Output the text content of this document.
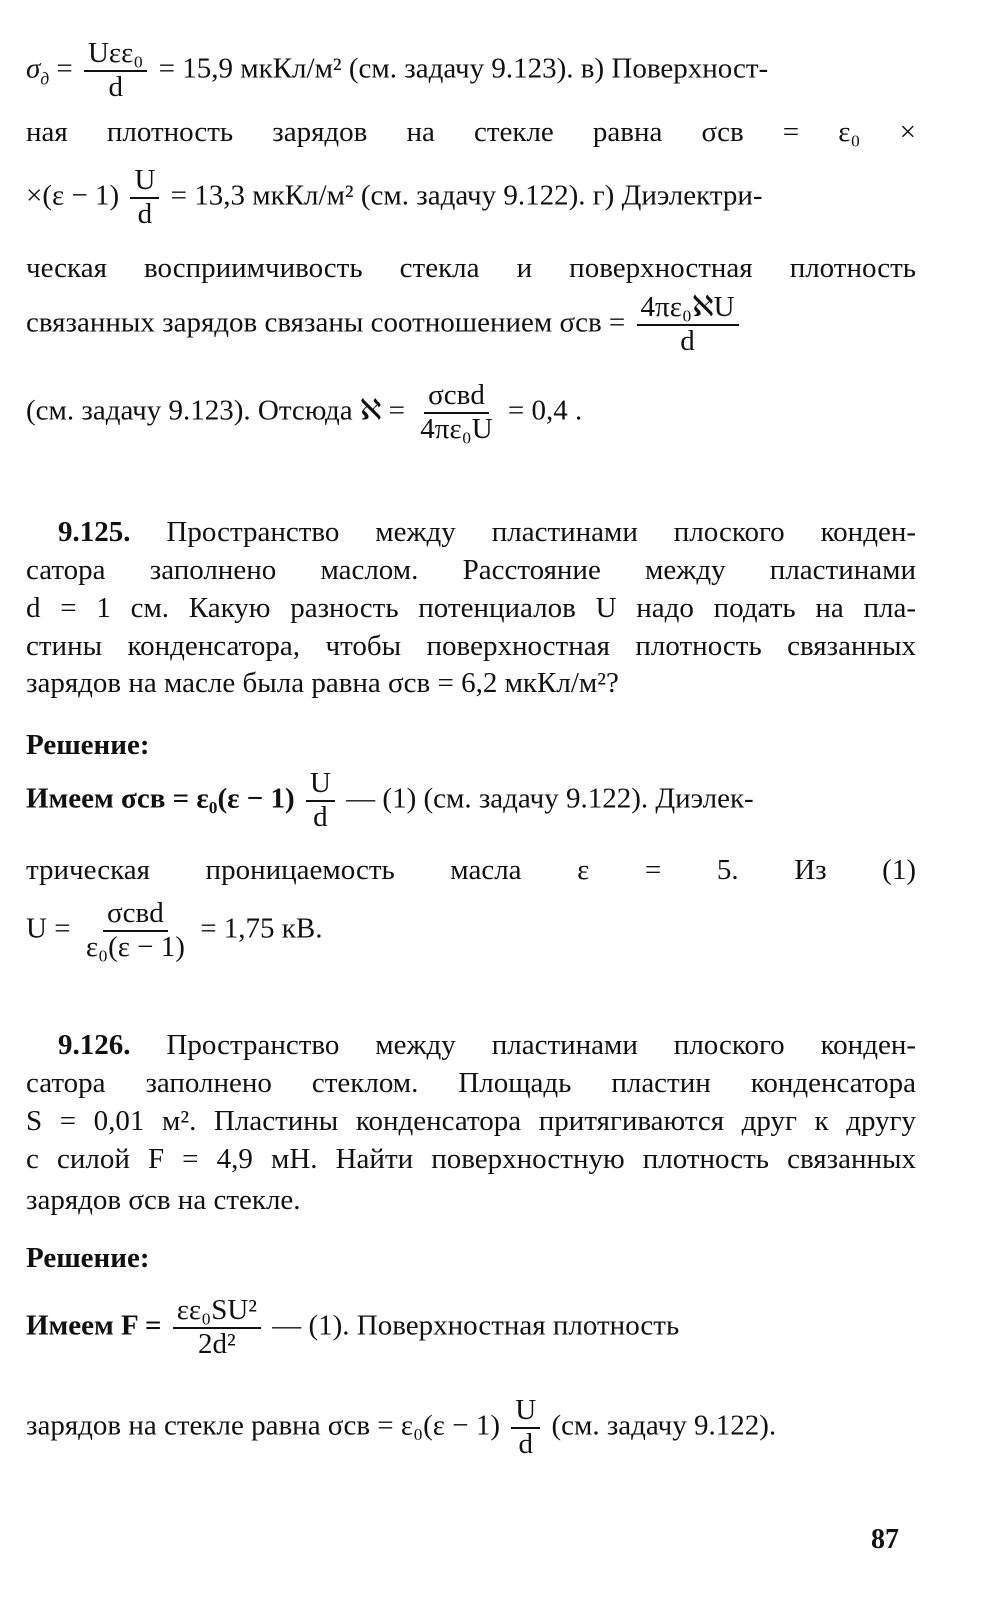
$\sigma_д = \frac{\text{Uεε₀}}{d} = 15,9$ мкКл/м² (см. задачу 9.123). в) Поверхност-
ная плотность зарядов на стекле равна σсв = ε₀ ×
$\times(\varepsilon - 1) \frac{U}{d} = 13,3$ мкКл/м² (см. задачу 9.122). г) Диэлектри-
ческая восприимчивость стекла и поверхностная плотность
связанных зарядов связаны соотношением $\sigma св = \frac{\text{4πε₀ℵU}}{d}$
(см. задачу 9.123). Отсюда ℵ = $\frac{\text{σсвd}}{\text{4πε₀U}} = 0,4$ .
9.125. Пространство между пластинами плоского конден-
сатора заполнено маслом. Расстояние между пластинами
d = 1 см. Какую разность потенциалов U надо подать на пла-
стины конденсатора, чтобы поверхностная плотность связанных
зарядов на масле была равна σсв = 6,2 мкКл/м²?
Решение:
Имеем $\sigma св = \varepsilon_0(\varepsilon - 1) \frac{U}{d}$ — (1) (см. задачу 9.122). Диэлек-
трическая проницаемость масла ε = 5. Из (1)
$U = \frac{\text{σсвd}}{\text{ε₀(ε − 1)}} = 1,75$ кВ.
9.126. Пространство между пластинами плоского конден-
сатора заполнено стеклом. Площадь пластин конденсатора
S = 0,01 м². Пластины конденсатора притягиваются друг к другу
с силой F = 4,9 мН. Найти поверхностную плотность связанных
зарядов σсв на стекле.
Решение:
Имеем $F = \frac{\text{εε₀SU²}}{\text{2d²}}$ — (1). Поверхностная плотность
зарядов на стекле равна $\sigma св = \varepsilon_0(\varepsilon - 1) \frac{U}{d} (см$. задачу 9.122).
87
